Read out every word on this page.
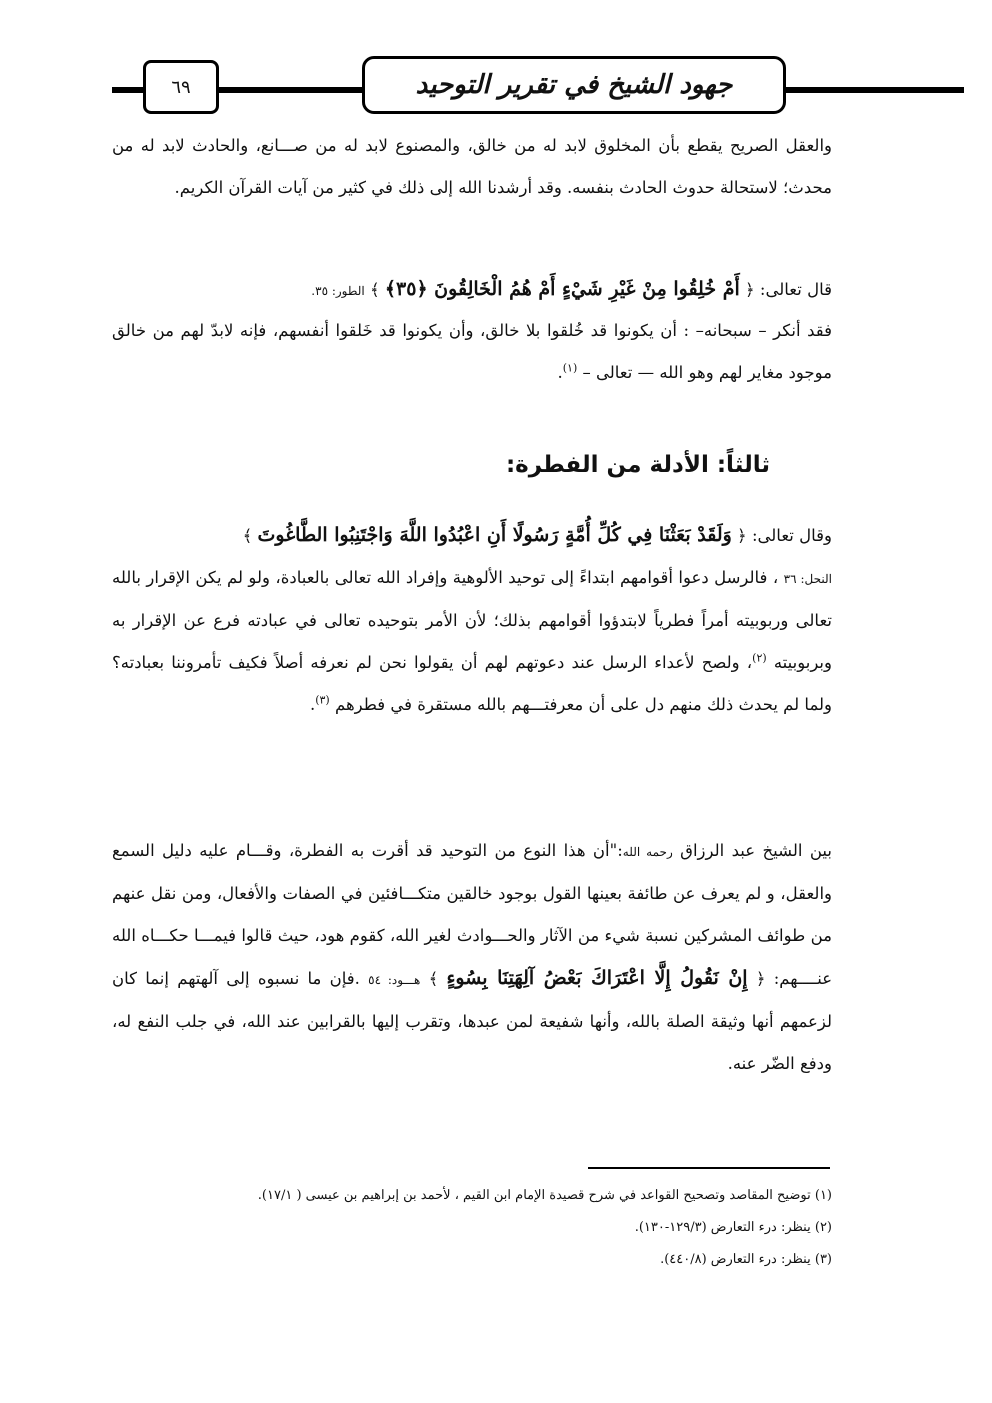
٦٩	جهود الشيخ في تقرير التوحيد
والعقل الصريح يقطع بأن المخلوق لابد له من خالق، والمصنوع لابد له من صـــانع، والحادث لابد له من محدث؛ لاستحالة حدوث الحادث بنفسه. وقد أرشدنا الله إلى ذلك في كثير من آيات القرآن الكريم.
قال تعالى: ﴿ أَمْ خُلِقُوا مِنْ غَيْرِ شَيْءٍ أَمْ هُمُ الْخَالِقُونَ ﴿٣٥﴾ ﴾ الطور: ٣٥.
فقد أنكر – سبحانه– : أن يكونوا قد خُلقوا بلا خالق، وأن يكونوا قد خَلقوا أنفسهم، فإنه لابدّ لهم من خالق موجود مغاير لهم وهو الله — تعالى – $^{(١)}$.
ثالثاً: الأدلة من الفطرة:
وقال تعالى: ﴿ وَلَقَدْ بَعَثْنَا فِي كُلِّ أُمَّةٍ رَسُولًا أَنِ اعْبُدُوا اللَّهَ وَاجْتَنِبُوا الطَّاغُوتَ ﴾
النحل: ٣٦ ، فالرسل دعوا أقوامهم ابتداءً إلى توحيد الألوهية وإفراد الله تعالى بالعبادة، ولو لم يكن الإقرار بالله تعالى وربوبيته أمراً فطرياً لابتدؤوا أقوامهم بذلك؛ لأن الأمر بتوحيده تعالى في عبادته فرع عن الإقرار به وبربوبيته $^{(٢)}$، ولصح لأعداء الرسل عند دعوتهم لهم أن يقولوا نحن لم نعرفه أصلاً فكيف تأمروننا بعبادته؟ ولما لم يحدث ذلك منهم دل على أن معرفتـــهم بالله مستقرة في فطرهم $^{(٣)}$.
بين الشيخ عبد الرزاق رحمه الله:"أن هذا النوع من التوحيد قد أقرت به الفطرة، وقـــام عليه دليل السمع والعقل، و لم يعرف عن طائفة بعينها القول بوجود خالقين متكـــافئين في الصفات والأفعال، ومن نقل عنهم من طوائف المشركين نسبة شيء من الآثار والحـــوادث لغير الله، كقوم هود، حيث قالوا فيمـــا حكـــاه الله عنــــهم: ﴿ إِنْ نَقُولُ إِلَّا اعْتَرَاكَ بَعْضُ آلِهَتِنَا بِسُوءٍ ﴾ هـــود: ٥٤ .فإن ما نسبوه إلى آلهتهم إنما كان لزعمهم أنها وثيقة الصلة بالله، وأنها شفيعة لمن عبدها، وتقرب إليها بالقرابين عند الله، في جلب النفع له، ودفع الضّر عنه.
(١) توضيح المقاصد وتصحيح القواعد في شرح قصيدة الإمام ابن القيم ، لأحمد بن إبراهيم بن عيسى ( ١٧/١).
(٢) ينظر: درء التعارض (١٢٩/٣-١٣٠).
(٣) ينظر: درء التعارض (٤٤٠/٨).
